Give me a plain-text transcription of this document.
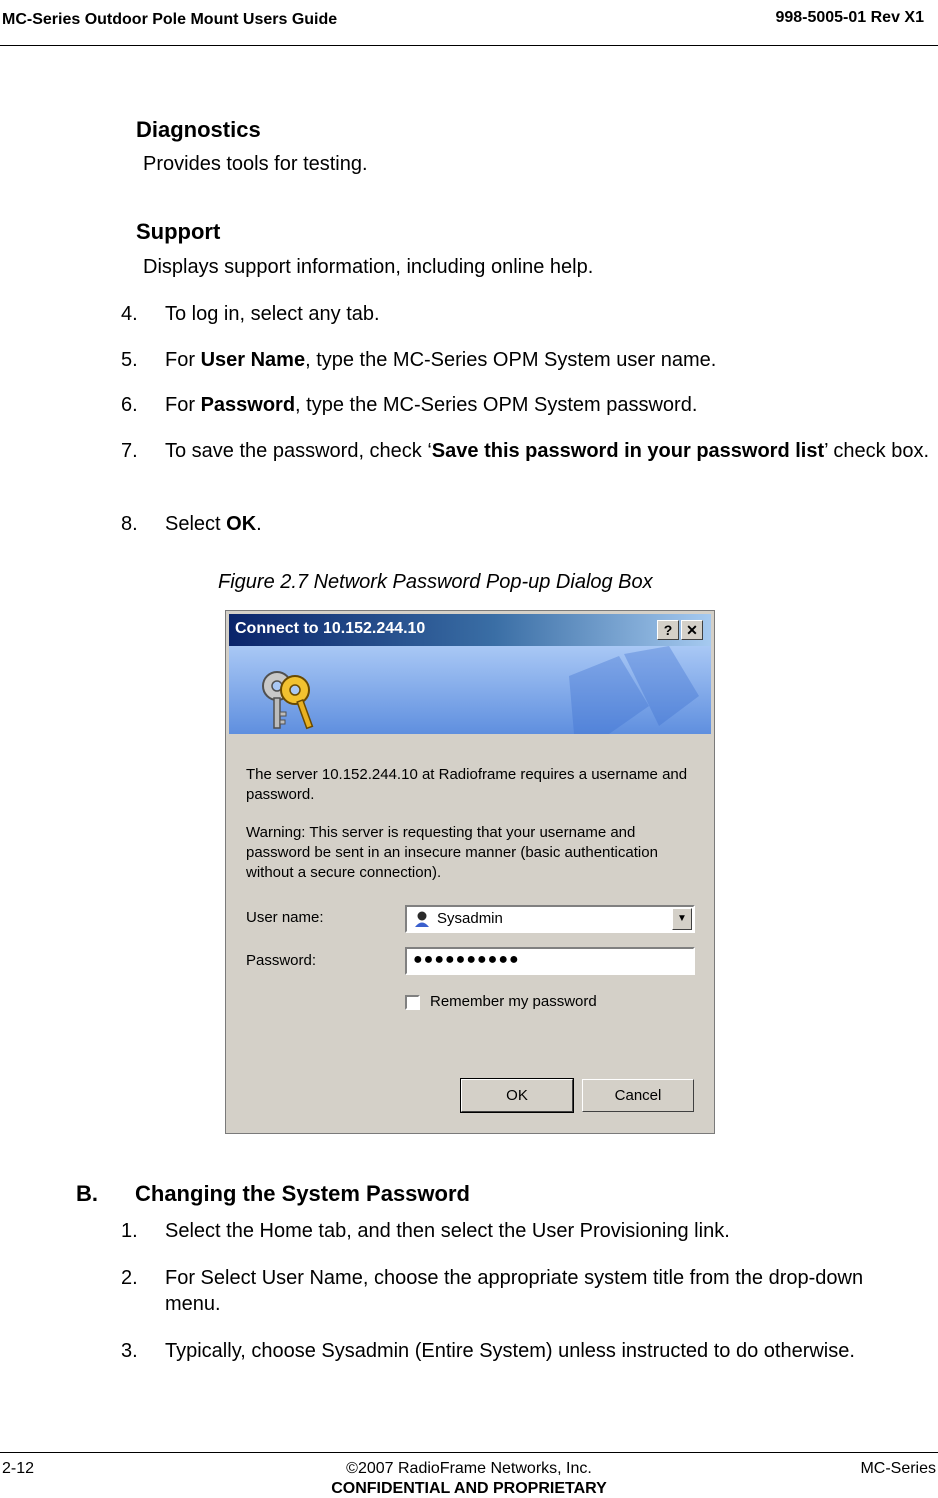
MC-Series Outdoor Pole Mount Users Guide	998-5005-01 Rev X1
Diagnostics
Provides tools for testing.
Support
Displays support information, including online help.
4. To log in, select any tab.
5. For User Name, type the MC-Series OPM System user name.
6. For Password, type the MC-Series OPM System password.
7. To save the password, check ‘Save this password in your password list’ check box.
8. Select OK.
Figure 2.7 Network Password Pop-up Dialog Box
Connect to 10.152.244.10	? ✕
The server 10.152.244.10 at Radioframe requires a username and password.
Warning: This server is requesting that your username and password be sent in an insecure manner (basic authentication without a secure connection).
User name:	Sysadmin	▼
Password:	●●●●●●●●●●
Remember my password
OK	Cancel
B. Changing the System Password
1. Select the Home tab, and then select the User Provisioning link.
2. For Select User Name, choose the appropriate system title from the drop-down menu.
3. Typically, choose Sysadmin (Entire System) unless instructed to do otherwise.
2-12	©2007 RadioFrame Networks, Inc.
CONFIDENTIAL AND PROPRIETARY
MC-Series
